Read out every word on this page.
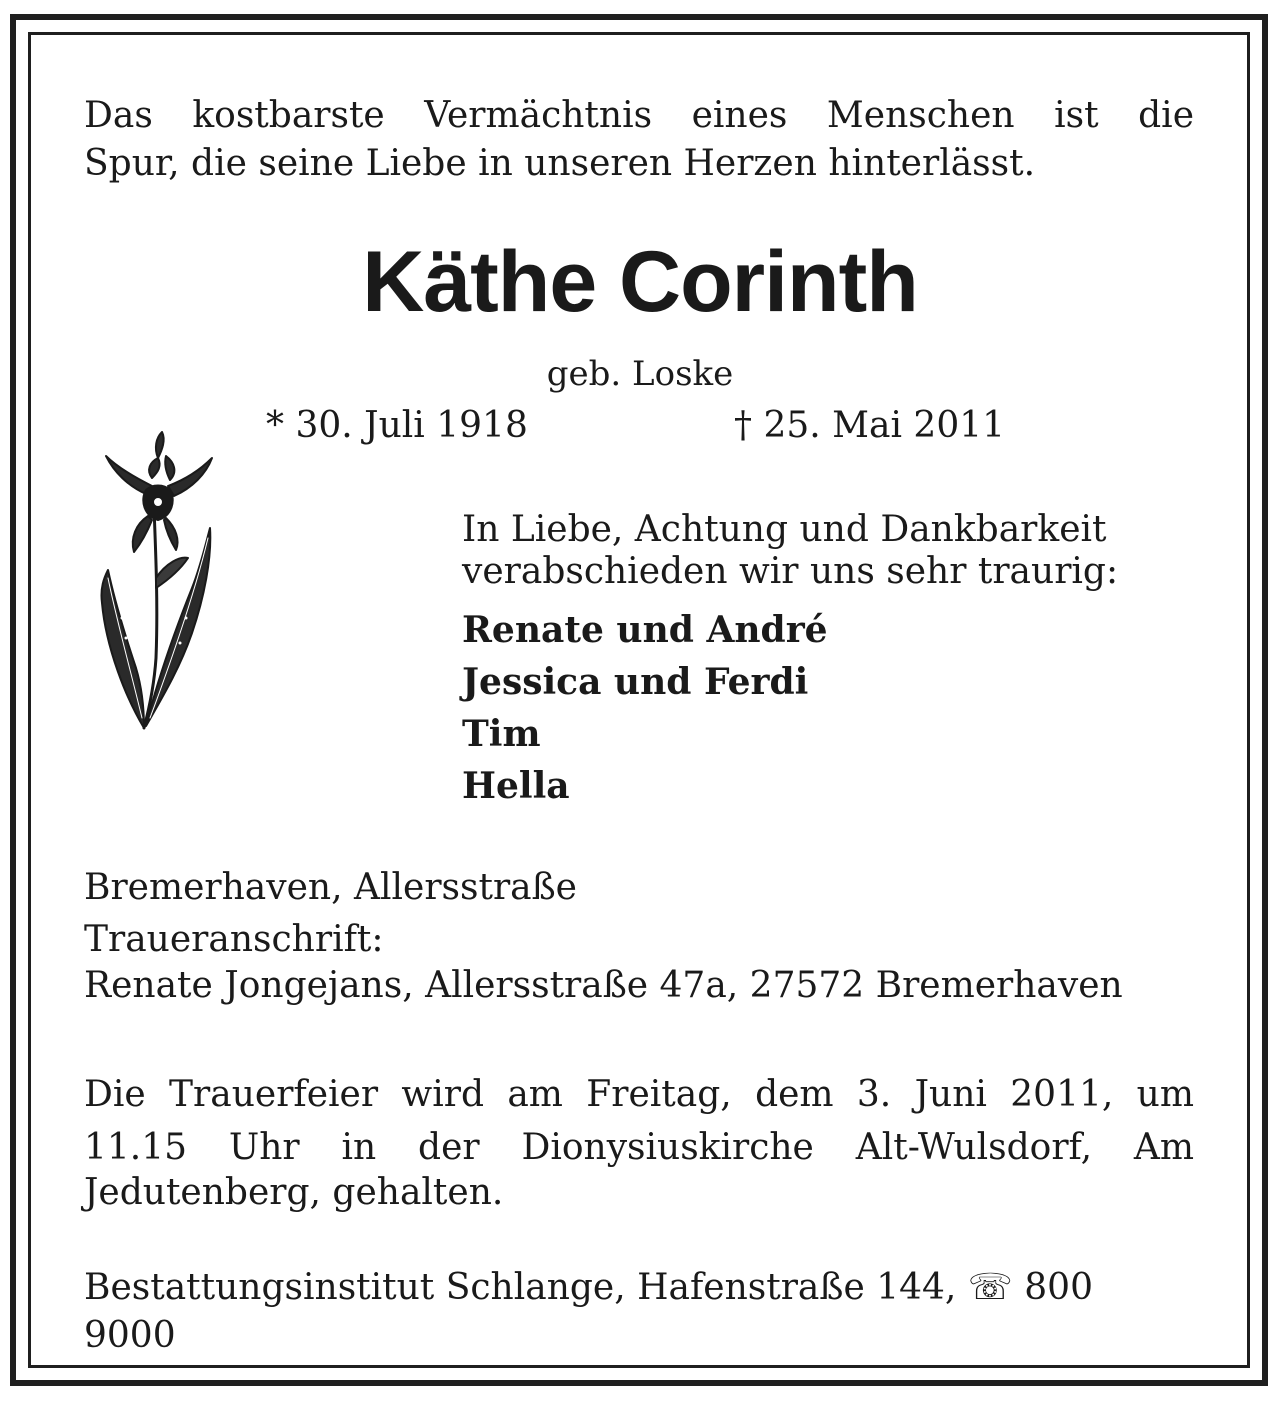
Das kostbarste Vermächtnis eines Menschen ist die
Spur, die seine Liebe in unseren Herzen hinterlässt.
Käthe Corinth
geb. Loske
* 30. Juli 1918	† 25. Mai 2011
In Liebe, Achtung und Dankbarkeit
verabschieden wir uns sehr traurig:
Renate und André
Jessica und Ferdi
Tim
Hella
Bremerhaven, Allersstraße
Traueranschrift:
Renate Jongejans, Allersstraße 47a, 27572 Bremerhaven
Die Trauerfeier wird am Freitag, dem 3. Juni 2011, um
11.15 Uhr in der Dionysiuskirche Alt-Wulsdorf, Am
Jedutenberg, gehalten.
Bestattungsinstitut Schlange, Hafenstraße 144, ☏ 800 9000
